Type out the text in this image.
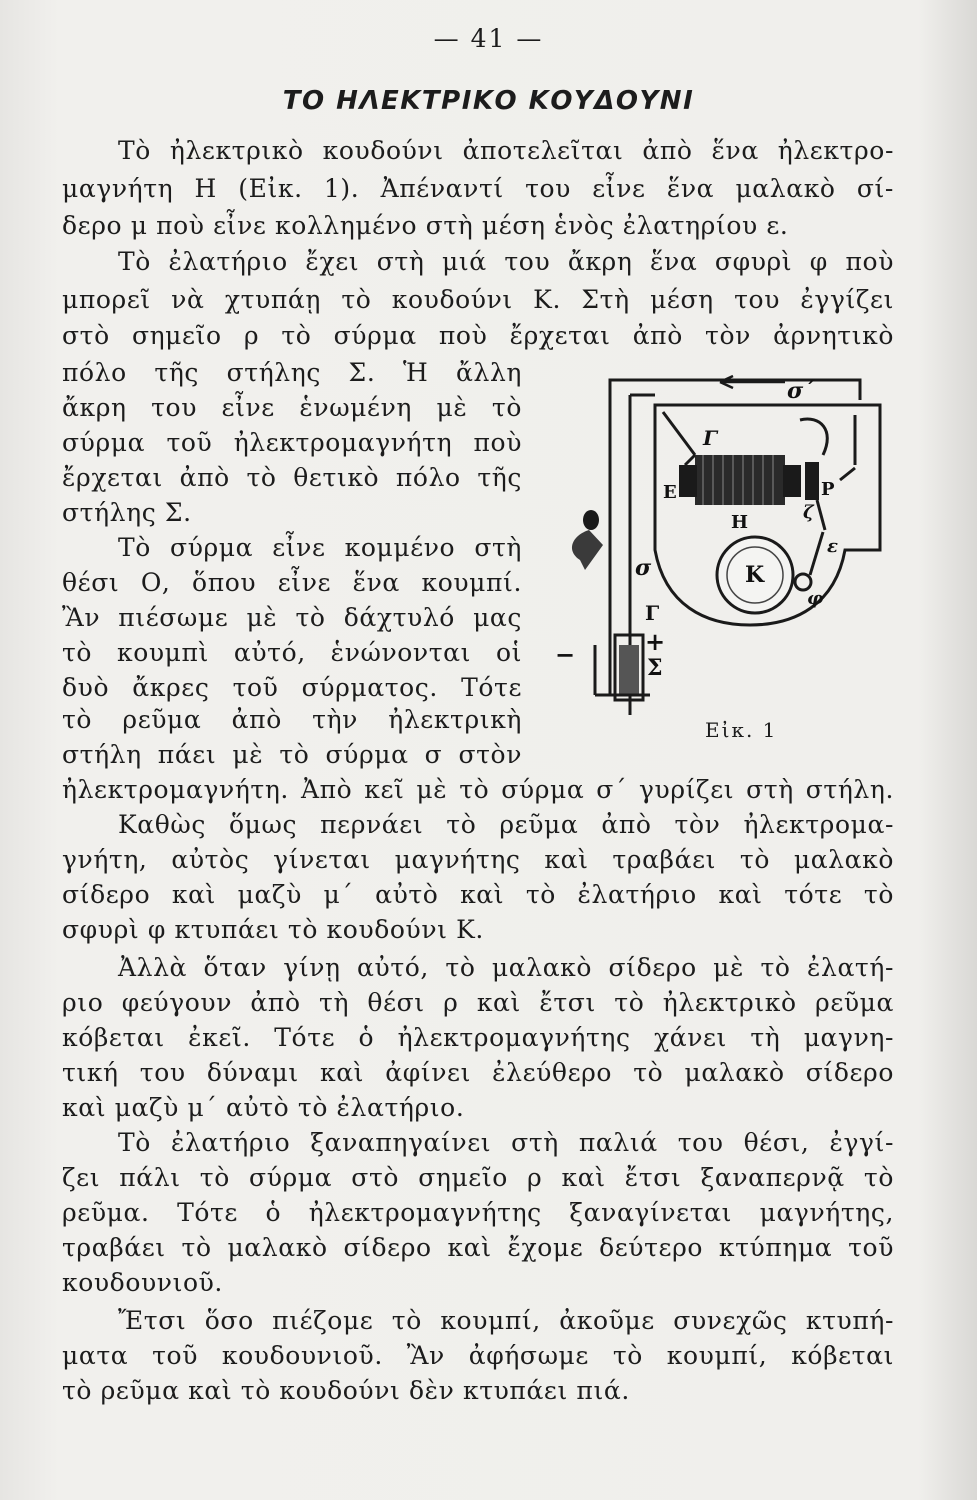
— 41 —
ΤΟ ΗΛΕΚΤΡΙΚΟ ΚΟΥΔΟΥΝΙ
Τὸ ἠλεκτρικὸ κουδούνι ἀποτελεῖται ἀπὸ ἕνα ἠλεκτρο-
μαγνήτη Η (Εἰκ. 1). Ἀπέναντί του εἶνε ἕνα μαλακὸ σί-
δερο μ ποὺ εἶνε κολλημένο στὴ μέση ἑνὸς ἐλατηρίου ε.
Τὸ ἐλατήριο ἔχει στὴ μιά του ἄκρη ἕνα σφυρὶ φ ποὺ
μπορεῖ νὰ χτυπάῃ τὸ κουδούνι Κ. Στὴ μέση του ἐγγίζει
στὸ σημεῖο ρ τὸ σύρμα ποὺ ἔρχεται ἀπὸ τὸν ἀρνητικὸ
πόλο τῆς στήλης Σ. Ἡ ἄλλη
ἄκρη του εἶνε ἑνωμένη μὲ τὸ
σύρμα τοῦ ἠλεκτρομαγνήτη ποὺ
ἔρχεται ἀπὸ τὸ θετικὸ πόλο τῆς
στήλης Σ.
Τὸ σύρμα εἶνε κομμένο στὴ
θέσι Ο, ὅπου εἶνε ἕνα κουμπί.
Ἂν πιέσωμε μὲ τὸ δάχτυλό μας
τὸ κουμπὶ αὐτό, ἑνώνονται οἱ
δυὸ ἄκρες τοῦ σύρματος. Τότε
τὸ ρεῦμα ἀπὸ τὴν ἠλεκτρικὴ
στήλη πάει μὲ τὸ σύρμα σ στὸν
ἠλεκτρομαγνήτη. Ἀπὸ κεῖ μὲ τὸ σύρμα σ΄ γυρίζει στὴ στήλη.
Καθὼς ὅμως περνάει τὸ ρεῦμα ἀπὸ τὸν ἠλεκτρομα-
γνήτη, αὐτὸς γίνεται μαγνήτης καὶ τραβάει τὸ μαλακὸ
σίδερο καὶ μαζὺ μ΄ αὐτὸ καὶ τὸ ἐλατήριο καὶ τότε τὸ
σφυρὶ φ κτυπάει τὸ κουδούνι Κ.
Ἀλλὰ ὅταν γίνῃ αὐτό, τὸ μαλακὸ σίδερο μὲ τὸ ἐλατή-
ριο φεύγουν ἀπὸ τὴ θέσι ρ καὶ ἔτσι τὸ ἠλεκτρικὸ ρεῦμα
κόβεται ἐκεῖ. Τότε ὁ ἠλεκτρομαγνήτης χάνει τὴ μαγνη-
τική του δύναμι καὶ ἀφίνει ἐλεύθερο τὸ μαλακὸ σίδερο
καὶ μαζὺ μ΄ αὐτὸ τὸ ἐλατήριο.
Τὸ ἐλατήριο ξαναπηγαίνει στὴ παλιά του θέσι, ἐγγί-
ζει πάλι τὸ σύρμα στὸ σημεῖο ρ καὶ ἔτσι ξαναπερνᾷ τὸ
ρεῦμα. Τότε ὁ ἠλεκτρομαγνήτης ξαναγίνεται μαγνήτης,
τραβάει τὸ μαλακὸ σίδερο καὶ ἔχομε δεύτερο κτύπημα τοῦ
κουδουνιοῦ.
Ἔτσι ὅσο πιέζομε τὸ κουμπί, ἀκοῦμε συνεχῶς κτυπή-
ματα τοῦ κουδουνιοῦ. Ἂν ἀφήσωμε τὸ κουμπί, κόβεται
τὸ ρεῦμα καὶ τὸ κουδούνι δὲν κτυπάει πιά.
σ΄
Γ
Ε	Ρ
Η	ζ
ε
Κ
φ
σ
Γ
+
Σ
−
Εἰκ. 1
